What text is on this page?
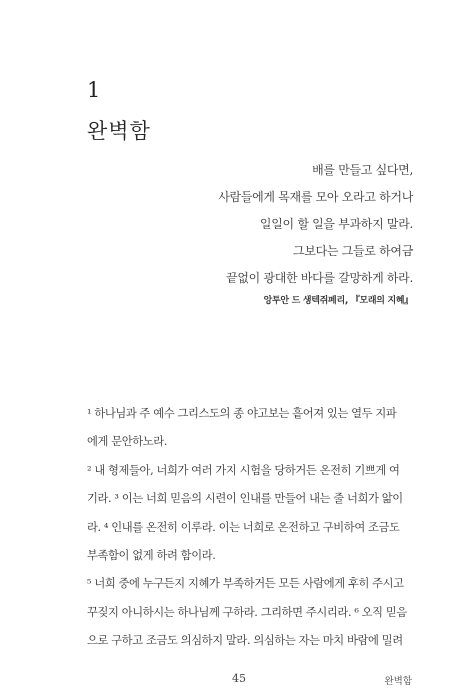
1
완벽함
배를 만들고 싶다면,
사람들에게 목재를 모아 오라고 하거나
일일이 할 일을 부과하지 말라.
그보다는 그들로 하여금
끝없이 광대한 바다를 갈망하게 하라.
앙투안 드 생텍쥐페리, 『모래의 지혜』
¹ 하나님과 주 예수 그리스도의 종 야고보는 흩어져 있는 열두 지파
에게 문안하노라.
² 내 형제들아, 너희가 여러 가지 시험을 당하거든 온전히 기쁘게 여
기라. ³ 이는 너희 믿음의 시련이 인내를 만들어 내는 줄 너희가 앎이
라. ⁴ 인내를 온전히 이루라. 이는 너희로 온전하고 구비하여 조금도
부족함이 없게 하려 함이라.
⁵ 너희 중에 누구든지 지혜가 부족하거든 모든 사람에게 후히 주시고
꾸짖지 아니하시는 하나님께 구하라. 그리하면 주시리라. ⁶ 오직 믿음
으로 구하고 조금도 의심하지 말라. 의심하는 자는 마치 바람에 밀려
45	완벽함
